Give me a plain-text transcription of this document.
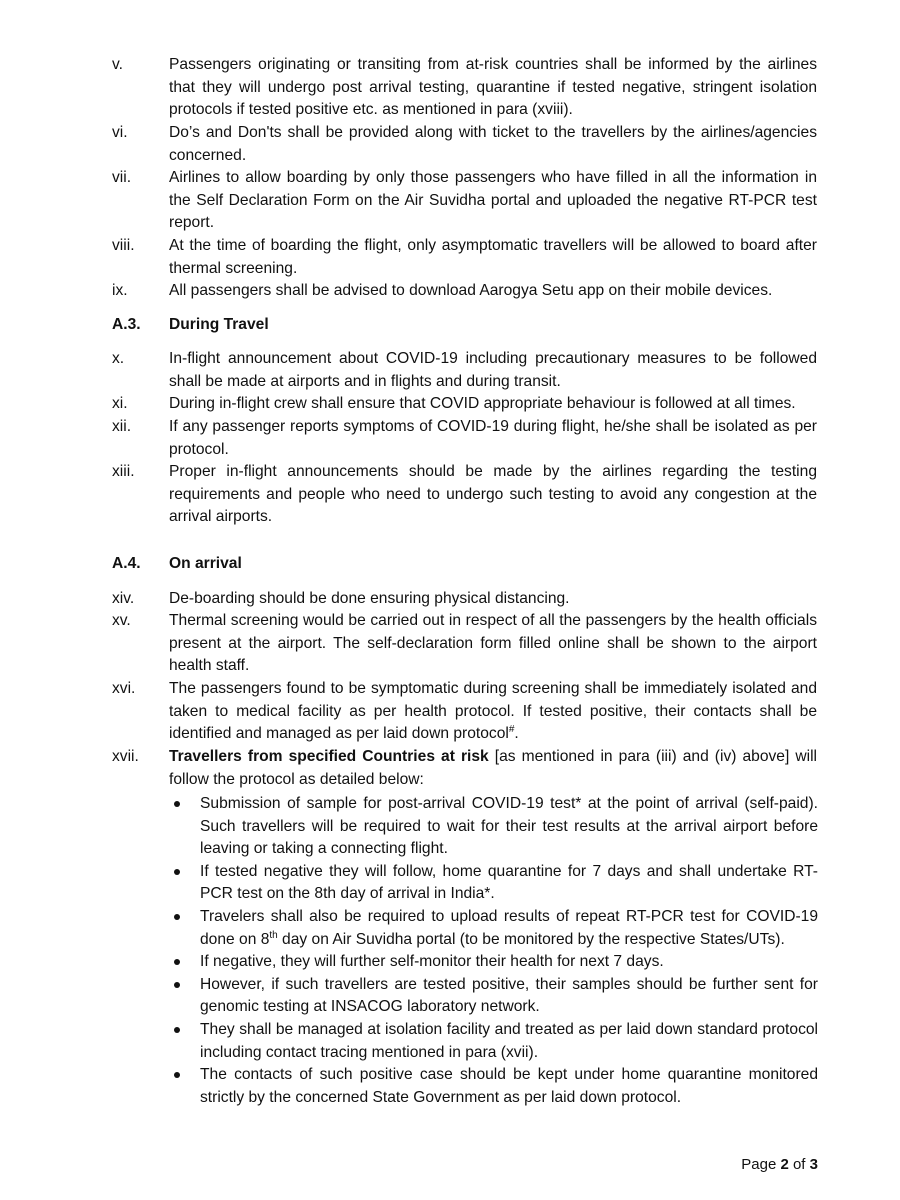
v.	Passengers originating or transiting from at-risk countries shall be informed by the airlines that they will undergo post arrival testing, quarantine if tested negative, stringent isolation protocols if tested positive etc. as mentioned in para (xviii).
vi.	Do’s and Don'ts shall be provided along with ticket to the travellers by the airlines/agencies concerned.
vii.	Airlines to allow boarding by only those passengers who have filled in all the information in the Self Declaration Form on the Air Suvidha portal and uploaded the negative RT-PCR test report.
viii.	At the time of boarding the flight, only asymptomatic travellers will be allowed to board after thermal screening.
ix.	All passengers shall be advised to download Aarogya Setu app on their mobile devices.
A.3. During Travel
x.	In-flight announcement about COVID-19 including precautionary measures to be followed shall be made at airports and in flights and during transit.
xi.	During in-flight crew shall ensure that COVID appropriate behaviour is followed at all times.
xii.	If any passenger reports symptoms of COVID-19 during flight, he/she shall be isolated as per protocol.
xiii.	Proper in-flight announcements should be made by the airlines regarding the testing requirements and people who need to undergo such testing to avoid any congestion at the arrival airports.
A.4. On arrival
xiv.	De-boarding should be done ensuring physical distancing.
xv.	Thermal screening would be carried out in respect of all the passengers by the health officials present at the airport. The self-declaration form filled online shall be shown to the airport health staff.
xvi.	The passengers found to be symptomatic during screening shall be immediately isolated and taken to medical facility as per health protocol. If tested positive, their contacts shall be identified and managed as per laid down protocol#.
xvii.	Travellers from specified Countries at risk [as mentioned in para (iii) and (iv) above] will follow the protocol as detailed below:
Submission of sample for post-arrival COVID-19 test* at the point of arrival (self-paid). Such travellers will be required to wait for their test results at the arrival airport before leaving or taking a connecting flight.
If tested negative they will follow, home quarantine for 7 days and shall undertake RT-PCR test on the 8th day of arrival in India*.
Travelers shall also be required to upload results of repeat RT-PCR test for COVID-19 done on 8th day on Air Suvidha portal (to be monitored by the respective States/UTs).
If negative, they will further self-monitor their health for next 7 days.
However, if such travellers are tested positive, their samples should be further sent for genomic testing at INSACOG laboratory network.
They shall be managed at isolation facility and treated as per laid down standard protocol including contact tracing mentioned in para (xvii).
The contacts of such positive case should be kept under home quarantine monitored strictly by the concerned State Government as per laid down protocol.
Page 2 of 3
